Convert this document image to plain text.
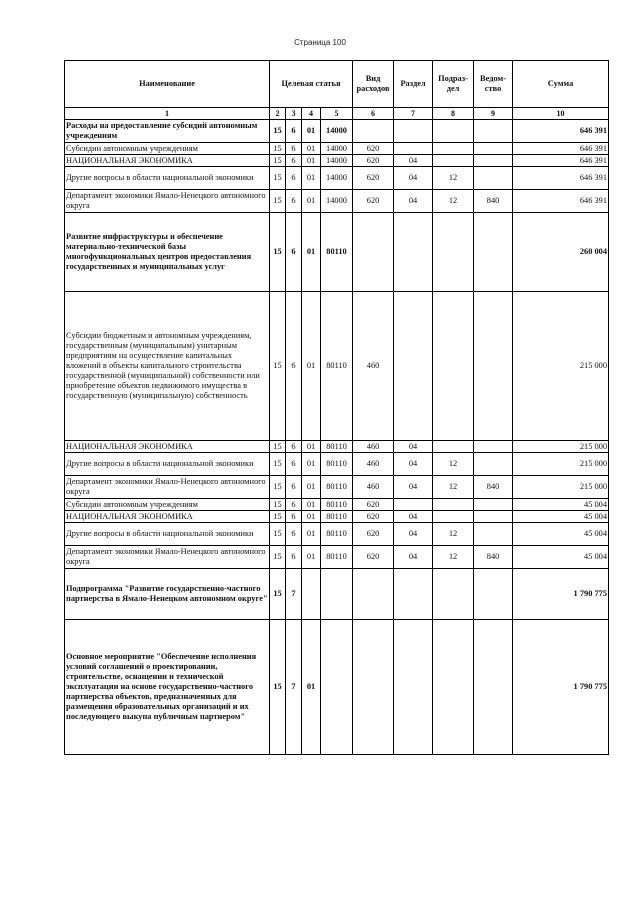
Страница 100
Наименование	Целевая статья				Вид расходов	Раздел	Подраз- дел	Ведом- ство	Сумма
1	2	3	4	5	6	7	8	9	10
Расходы на предоставление субсидий автономным учреждениям	15	6	01	14000					646 391
Субсидии автономным учреждениям	15	6	01	14000	620				646 391
НАЦИОНАЛЬНАЯ ЭКОНОМИКА	15	6	01	14000	620	04			646 391
Другие вопросы в области национальной экономики	15	6	01	14000	620	04	12		646 391
Департамент экономики Ямало-Ненецкого автономного округа	15	6	01	14000	620	04	12	840	646 391
Развитие инфраструктуры и обеспечение материально-технической базы многофункциональных центров предоставления государственных и муниципальных услуг	15	6	01	80110					260 004
Субсидии бюджетным и автономным учреждениям, государственным (муниципальным) унитарным предприятиям на осуществление капитальных вложений в объекты капитального строительства государственной (муниципальной) собственности или приобретение объектов недвижимого имущества в государственную (муниципальную) собственность	15	6	01	80110	460				215 000
НАЦИОНАЛЬНАЯ ЭКОНОМИКА	15	6	01	80110	460	04			215 000
Другие вопросы в области национальной экономики	15	6	01	80110	460	04	12		215 000
Департамент экономики Ямало-Ненецкого автономного округа	15	6	01	80110	460	04	12	840	215 000
Субсидии автономным учреждениям	15	6	01	80110	620				45 004
НАЦИОНАЛЬНАЯ ЭКОНОМИКА	15	6	01	80110	620	04			45 004
Другие вопросы в области национальной экономики	15	6	01	80110	620	04	12		45 004
Департамент экономики Ямало-Ненецкого автономного округа	15	6	01	80110	620	04	12	840	45 004
Подпрограмма "Развитие государственно-частного партнерства в Ямало-Ненецком автономном округе"	15	7							1 790 775
Основное мероприятие "Обеспечение исполнения условий соглашений о проектировании, строительстве, оснащении и технической эксплуатации на основе государственно-частного партнерства объектов, предназначенных для размещения образовательных организаций и их последующего выкупа публичным партнером"	15	7	01						1 790 775
